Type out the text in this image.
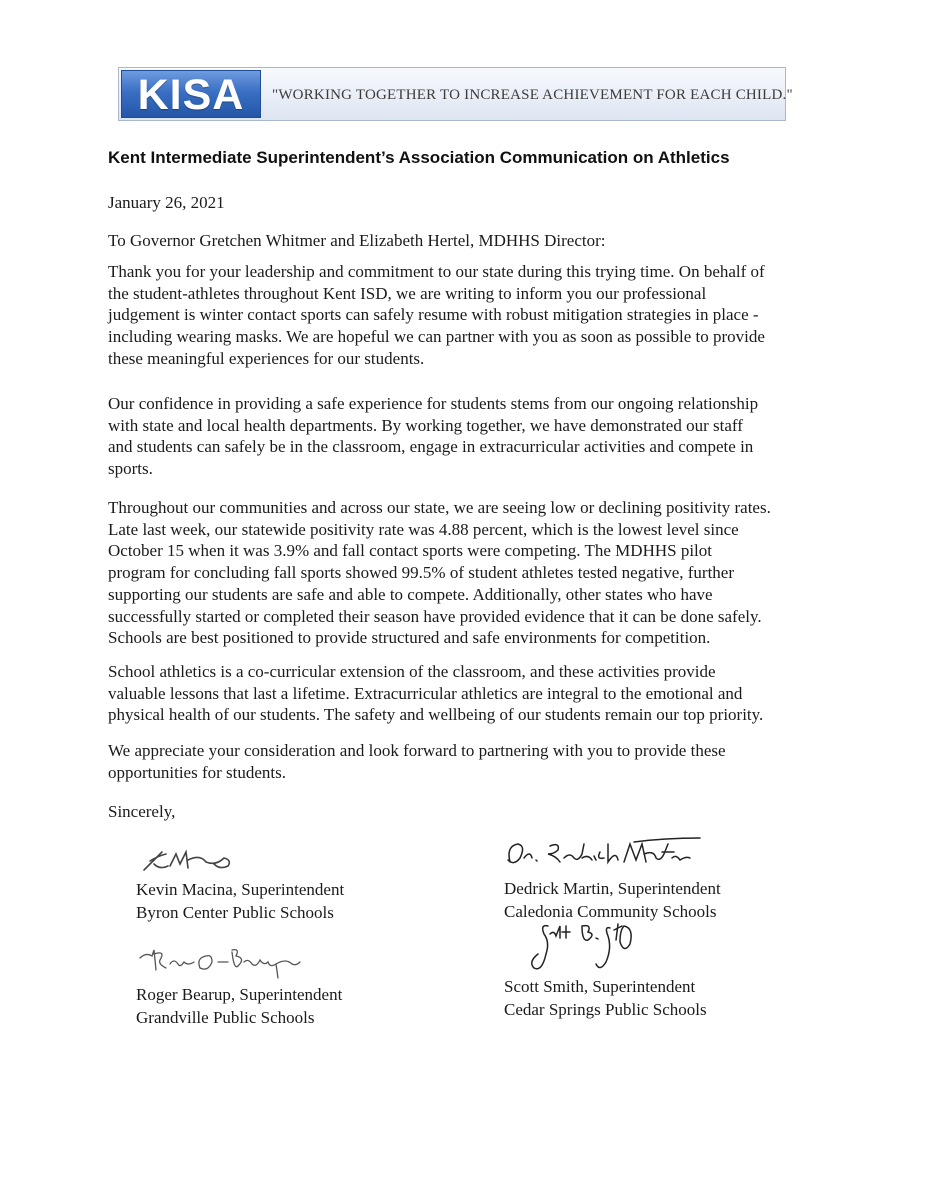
KISA	"WORKING TOGETHER TO INCREASE ACHIEVEMENT FOR EACH CHILD."
Kent Intermediate Superintendent’s Association Communication on Athletics
January 26, 2021
To Governor Gretchen Whitmer and Elizabeth Hertel, MDHHS Director:
Thank you for your leadership and commitment to our state during this trying time. On behalf of
the student-athletes throughout Kent ISD, we are writing to inform you our professional
judgement is winter contact sports can safely resume with robust mitigation strategies in place -
including wearing masks. We are hopeful we can partner with you as soon as possible to provide
these meaningful experiences for our students.
Our confidence in providing a safe experience for students stems from our ongoing relationship
with state and local health departments. By working together, we have demonstrated our staff
and students can safely be in the classroom, engage in extracurricular activities and compete in
sports.
Throughout our communities and across our state, we are seeing low or declining positivity rates.
Late last week, our statewide positivity rate was 4.88 percent, which is the lowest level since
October 15 when it was 3.9% and fall contact sports were competing. The MDHHS pilot
program for concluding fall sports showed 99.5% of student athletes tested negative, further
supporting our students are safe and able to compete. Additionally, other states who have
successfully started or completed their season have provided evidence that it can be done safely.
Schools are best positioned to provide structured and safe environments for competition.
School athletics is a co-curricular extension of the classroom, and these activities provide
valuable lessons that last a lifetime. Extracurricular athletics are integral to the emotional and
physical health of our students. The safety and wellbeing of our students remain our top priority.
We appreciate your consideration and look forward to partnering with you to provide these
opportunities for students.
Sincerely,
Kevin Macina, Superintendent
Byron Center Public Schools
Roger Bearup, Superintendent
Grandville Public Schools
Dedrick Martin, Superintendent
Caledonia Community Schools
Scott Smith, Superintendent
Cedar Springs Public Schools
